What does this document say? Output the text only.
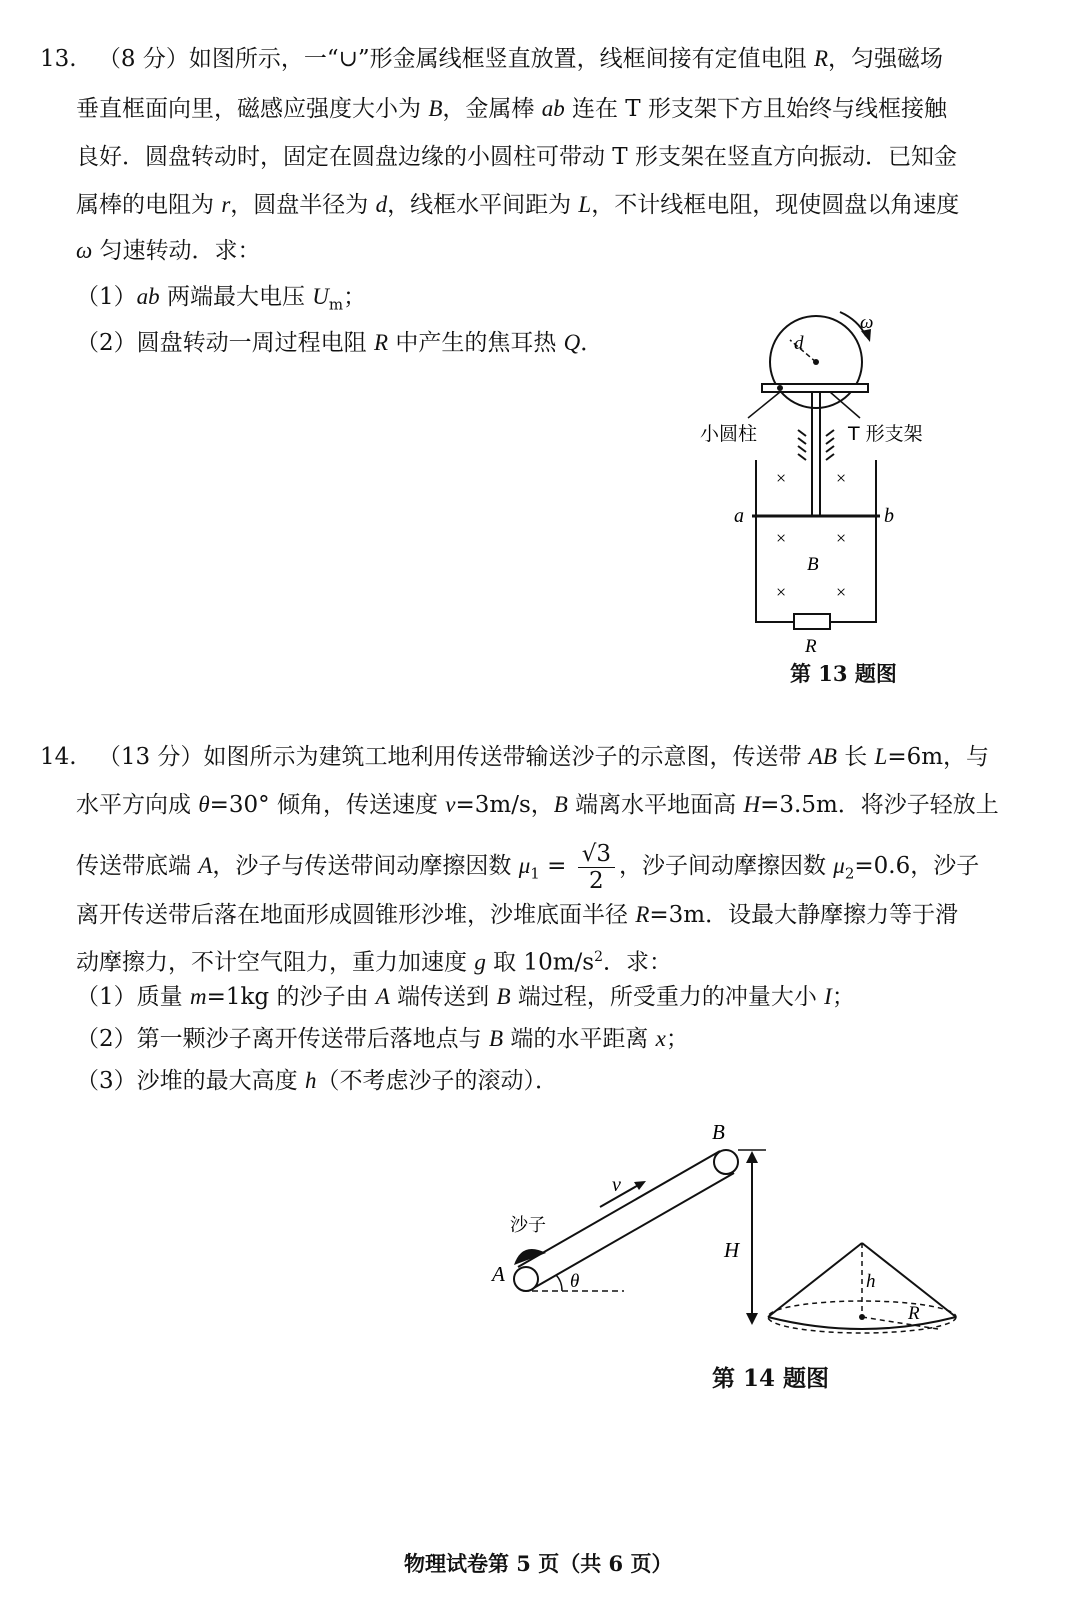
13. （8 分）如图所示，一“∪”形金属线框竖直放置，线框间接有定值电阻 R，匀强磁场
垂直框面向里，磁感应强度大小为 B，金属棒 ab 连在 T 形支架下方且始终与线框接触
良好．圆盘转动时，固定在圆盘边缘的小圆柱可带动 T 形支架在竖直方向振动．已知金
属棒的电阻为 r，圆盘半径为 d，线框水平间距为 L，不计线框电阻，现使圆盘以角速度
ω 匀速转动．求：
（1）ab 两端最大电压 $U_m$；
（2）圆盘转动一周过程电阻 R 中产生的焦耳热 Q．	d
ω
小圆柱	T 形支架
R
a	b
×	×
×	×
×	×
B
第 13 题图
14. （13 分）如图所示为建筑工地利用传送带输送沙子的示意图，传送带 AB 长 L=6m，与
水平方向成 θ=30° 倾角，传送速度 v=3m/s，B 端离水平地面高 H=3.5m．将沙子轻放上
传送带底端 A，沙子与传送带间动摩擦因数 $\mu_1 = \frac{√3}{2}$ ，沙子间动摩擦因数 $\mu_2=0.6$，沙子
离开传送带后落在地面形成圆锥形沙堆，沙堆底面半径 R=3m．设最大静摩擦力等于滑
动摩擦力，不计空气阻力，重力加速度 g 取 $10m/s^2$．求：
（1）质量 m=1kg 的沙子由 A 端传送到 B 端过程，所受重力的冲量大小 I；
（2）第一颗沙子离开传送带后落地点与 B 端的水平距离 x；
（3）沙堆的最大高度 h（不考虑沙子的滚动）．
v
B
A
沙子
θ
H
h
R
第 14 题图
物理试卷第 5 页（共 6 页）
